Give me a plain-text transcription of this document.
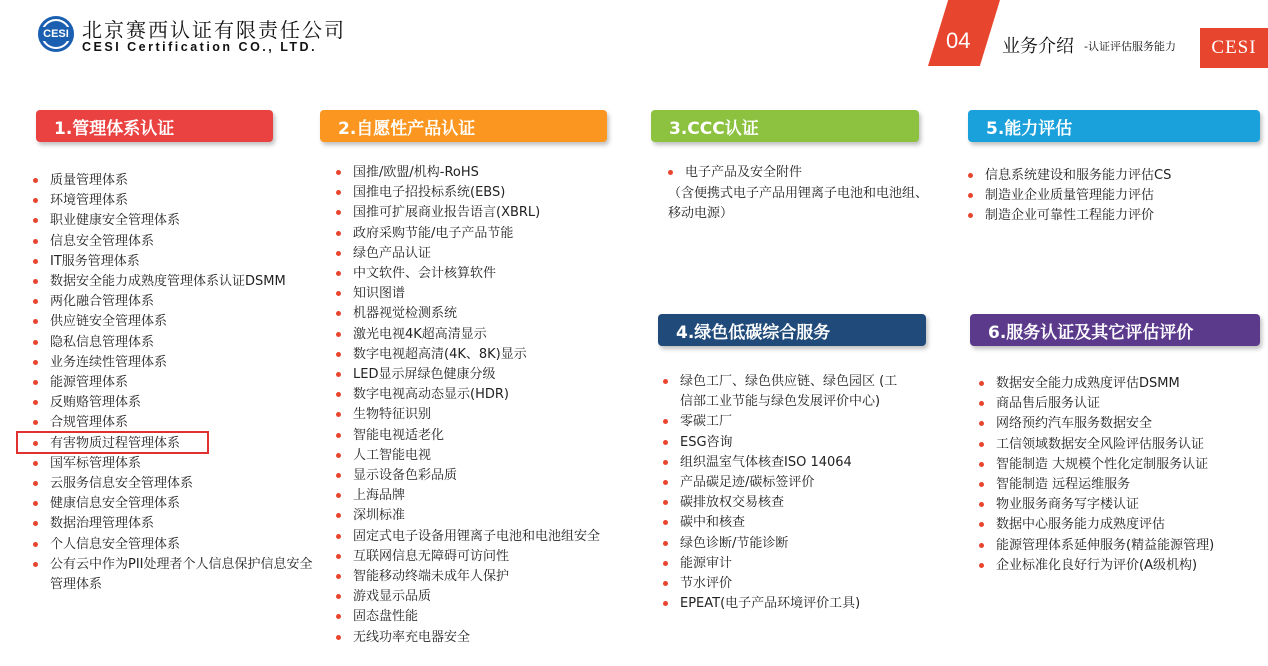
CESI 北京赛西认证有限责任公司
CESI Certification CO., LTD.	04 业务介绍 -认证评估服务能力	CESI
1.管理体系认证	2.自愿性产品认证	3.CCC认证	5.能力评估
4.绿色低碳综合服务	6.服务认证及其它评估评价
质量管理体系
环境管理体系
职业健康安全管理体系
信息安全管理体系
IT服务管理体系
数据安全能力成熟度管理体系认证DSMM
两化融合管理体系
供应链安全管理体系
隐私信息管理体系
业务连续性管理体系
能源管理体系
反贿赂管理体系
合规管理体系
有害物质过程管理体系
国军标管理体系
云服务信息安全管理体系
健康信息安全管理体系
数据治理管理体系
个人信息安全管理体系
公有云中作为PII处理者个人信息保护信息安全管理体系
国推/欧盟/机构-RoHS
国推电子招投标系统(EBS)
国推可扩展商业报告语言(XBRL)
政府采购节能/电子产品节能
绿色产品认证
中文软件、会计核算软件
知识图谱
机器视觉检测系统
激光电视4K超高清显示
数字电视超高清(4K、8K)显示
LED显示屏绿色健康分级
数字电视高动态显示(HDR)
生物特征识别
智能电视适老化
人工智能电视
显示设备色彩品质
上海品牌
深圳标准
固定式电子设备用锂离子电池和电池组安全
互联网信息无障碍可访问性
智能移动终端未成年人保护
游戏显示品质
固态盘性能
无线功率充电器安全
电子产品及安全附件
（含便携式电子产品用锂离子电池和电池组、移动电源）
绿色工厂、绿色供应链、绿色园区 (工信部工业节能与绿色发展评价中心)
零碳工厂
ESG咨询
组织温室气体核查ISO 14064
产品碳足迹/碳标签评价
碳排放权交易核查
碳中和核查
绿色诊断/节能诊断
能源审计
节水评价
EPEAT(电子产品环境评价工具)
信息系统建设和服务能力评估CS
制造业企业质量管理能力评估
制造企业可靠性工程能力评价
数据安全能力成熟度评估DSMM
商品售后服务认证
网络预约汽车服务数据安全
工信领域数据安全风险评估服务认证
智能制造 大规模个性化定制服务认证
智能制造 远程运维服务
物业服务商务写字楼认证
数据中心服务能力成熟度评估
能源管理体系延伸服务(精益能源管理)
企业标准化良好行为评价(A级机构)
